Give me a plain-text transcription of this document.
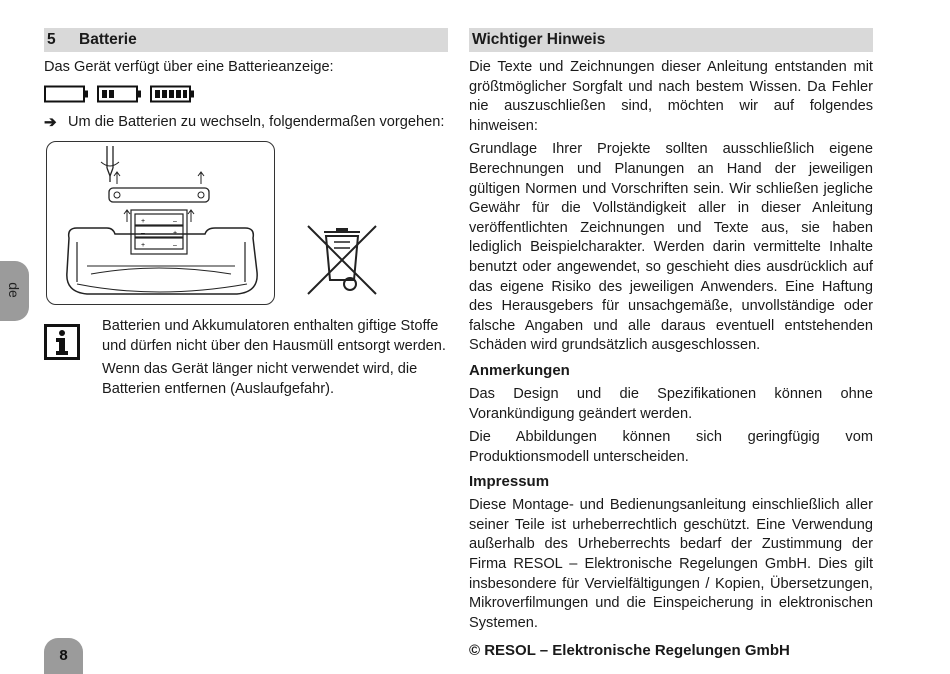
de
5 Batterie

Das Gerät verfügt über eine Batterieanzeige:

➔ Um die Batterien zu wechseln, folgendermaßen vorgehen:

+	–
–	+
+	–

Batterien und Akkumulatoren enthalten giftige Stoffe und dürfen nicht über den Hausmüll entsorgt werden.

Wenn das Gerät länger nicht verwendet wird, die Batterien entfernen (Auslaufgefahr).

Wichtiger Hinweis

Die Texte und Zeichnungen dieser Anleitung entstanden mit größtmöglicher Sorgfalt und nach bestem Wissen. Da Fehler nie auszuschließen sind, möchten wir auf folgendes hinweisen:

Grundlage Ihrer Projekte sollten ausschließlich eigene Berechnungen und Planungen an Hand der jeweiligen gültigen Normen und Vorschriften sein. Wir schließen jegliche Gewähr für die Vollständigkeit aller in dieser Anleitung veröffentlichten Zeichnungen und Texte aus, sie haben lediglich Beispielcharakter. Werden darin vermittelte Inhalte benutzt oder angewendet, so geschieht dies ausdrücklich auf das eigene Risiko des jeweiligen Anwenders. Eine Haftung des Herausgebers für unsachgemäße, unvollständige oder falsche Angaben und alle daraus eventuell entstehenden Schäden wird grundsätzlich ausgeschlossen.

Anmerkungen

Das Design und die Spezifikationen können ohne Vorankündigung geändert werden.

Die Abbildungen können sich geringfügig vom Produktionsmodell unterscheiden.

Impressum

Diese Montage- und Bedienungsanleitung einschließlich aller seiner Teile ist urheberrechtlich geschützt. Eine Verwendung außerhalb des Urheberrechts bedarf der Zustimmung der Firma RESOL – Elektronische Regelungen GmbH. Dies gilt insbesondere für Vervielfältigungen / Kopien, Übersetzungen, Mikroverfilmungen und die Einspeicherung in elektronischen Systemen.

© RESOL – Elektronische Regelungen GmbH
8
